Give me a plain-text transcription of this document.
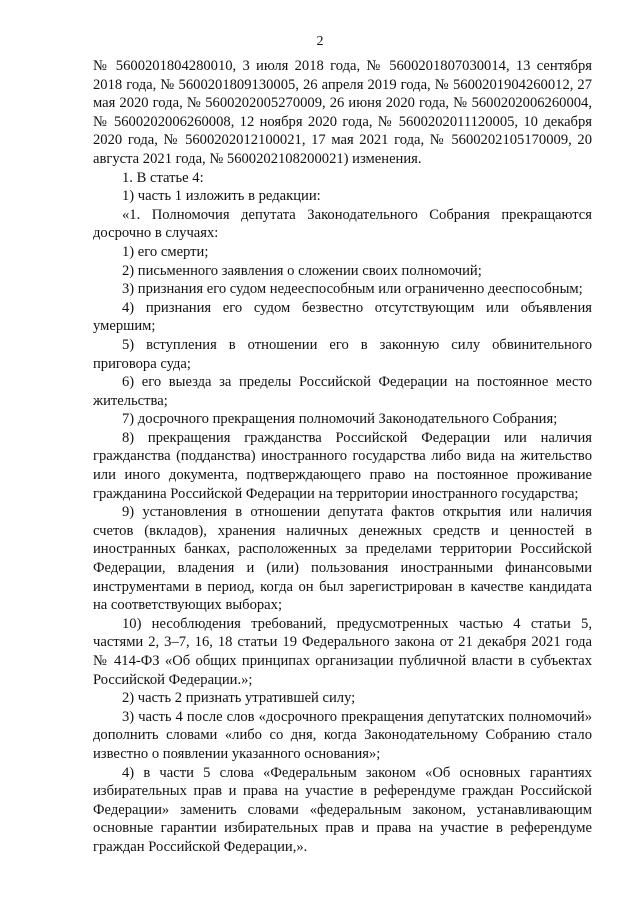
2

№ 5600201804280010, 3 июля 2018 года, № 5600201807030014, 13 сентября 2018 года, № 5600201809130005, 26 апреля 2019 года, № 5600201904260012, 27 мая 2020 года, № 5600202005270009, 26 июня 2020 года, № 5600202006260004, № 5600202006260008, 12 ноября 2020 года, № 5600202011120005, 10 декабря 2020 года, № 5600202012100021, 17 мая 2021 года, № 5600202105170009, 20 августа 2021 года, № 5600202108200021) изменения.

1. В статье 4:

1) часть 1 изложить в редакции:

«1. Полномочия депутата Законодательного Собрания прекращаются досрочно в случаях:

1) его смерти;

2) письменного заявления о сложении своих полномочий;

3) признания его судом недееспособным или ограниченно дееспособным;

4) признания его судом безвестно отсутствующим или объявления умершим;

5) вступления в отношении его в законную силу обвинительного приговора суда;

6) его выезда за пределы Российской Федерации на постоянное место жительства;

7) досрочного прекращения полномочий Законодательного Собрания;

8) прекращения гражданства Российской Федерации или наличия гражданства (подданства) иностранного государства либо вида на жительство или иного документа, подтверждающего право на постоянное проживание гражданина Российской Федерации на территории иностранного государства;

9) установления в отношении депутата фактов открытия или наличия счетов (вкладов), хранения наличных денежных средств и ценностей в иностранных банках, расположенных за пределами территории Российской Федерации, владения и (или) пользования иностранными финансовыми инструментами в период, когда он был зарегистрирован в качестве кандидата на соответствующих выборах;

10) несоблюдения требований, предусмотренных частью 4 статьи 5, частями 2, 3–7, 16, 18 статьи 19 Федерального закона от 21 декабря 2021 года № 414-ФЗ «Об общих принципах организации публичной власти в субъектах Российской Федерации.»;

2) часть 2 признать утратившей силу;

3) часть 4 после слов «досрочного прекращения депутатских полномочий» дополнить словами «либо со дня, когда Законодательному Собранию стало известно о появлении указанного основания»;

4) в части 5 слова «Федеральным законом «Об основных гарантиях избирательных прав и права на участие в референдуме граждан Российской Федерации» заменить словами «федеральным законом, устанавливающим основные гарантии избирательных прав и права на участие в референдуме граждан Российской Федерации,».
